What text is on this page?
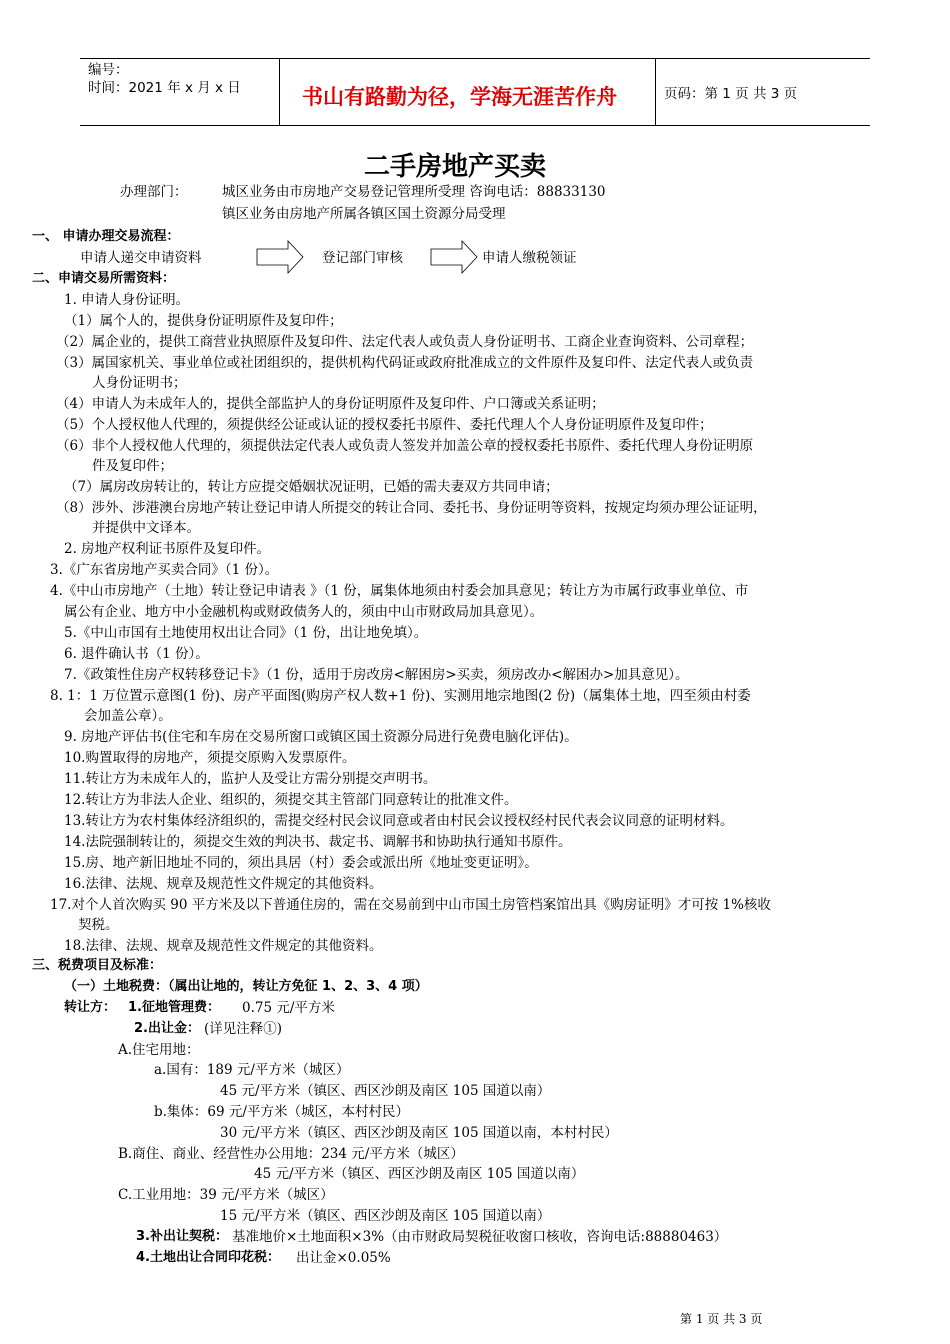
编号：
时间：2021 年 x 月 x 日	书山有路勤为径，学海无涯苦作舟	页码：第 1 页 共 3 页
二手房地产买卖
办理部门：	城区业务由市房地产交易登记管理所受理 咨询电话：88833130
镇区业务由房地产所属各镇区国土资源分局受理
一、 申请办理交易流程：
申请人递交申请资料	登记部门审核	申请人缴税领证
二、申请交易所需资料：
1. 申请人身份证明。
（1）属个人的，提供身份证明原件及复印件；
（2）属企业的，提供工商营业执照原件及复印件、法定代表人或负责人身份证明书、工商企业查询资料、公司章程；
（3）属国家机关、事业单位或社团组织的，提供机构代码证或政府批准成立的文件原件及复印件、法定代表人或负责
人身份证明书；
（4）申请人为未成年人的，提供全部监护人的身份证明原件及复印件、户口簿或关系证明；
（5）个人授权他人代理的，须提供经公证或认证的授权委托书原件、委托代理人个人身份证明原件及复印件；
（6）非个人授权他人代理的，须提供法定代表人或负责人签发并加盖公章的授权委托书原件、委托代理人身份证明原
件及复印件；
（7）属房改房转让的，转让方应提交婚姻状况证明，已婚的需夫妻双方共同申请；
（8）涉外、涉港澳台房地产转让登记申请人所提交的转让合同、委托书、身份证明等资料，按规定均须办理公证证明，
并提供中文译本。
2. 房地产权利证书原件及复印件。
3.《广东省房地产买卖合同》（1 份）。
4.《中山市房地产（土地）转让登记申请表 》（1 份，属集体地须由村委会加具意见；转让方为市属行政事业单位、市
属公有企业、地方中小金融机构或财政债务人的，须由中山市财政局加具意见）。
5.《中山市国有土地使用权出让合同》（1 份，出让地免填）。
6. 退件确认书（1 份）。
7.《政策性住房产权转移登记卡》（1 份，适用于房改房<解困房>买卖，须房改办<解困办>加具意见）。
8. 1：1 万位置示意图(1 份)、房产平面图(购房产权人数+1 份)、实测用地宗地图(2 份)（属集体土地，四至须由村委
会加盖公章）。
9. 房地产评估书(住宅和车房在交易所窗口或镇区国土资源分局进行免费电脑化评估)。
10.购置取得的房地产，须提交原购入发票原件。
11.转让方为未成年人的，监护人及受让方需分别提交声明书。
12.转让方为非法人企业、组织的，须提交其主管部门同意转让的批准文件。
13.转让方为农村集体经济组织的，需提交经村民会议同意或者由村民会议授权经村民代表会议同意的证明材料。
14.法院强制转让的，须提交生效的判决书、裁定书、调解书和协助执行通知书原件。
15.房、地产新旧地址不同的，须出具居（村）委会或派出所《地址变更证明》。
16.法律、法规、规章及规范性文件规定的其他资料。
17.对个人首次购买 90 平方米及以下普通住房的，需在交易前到中山市国土房管档案馆出具《购房证明》才可按 1%核收
契税。
18.法律、法规、规章及规范性文件规定的其他资料。
三、税费项目及标准：
（一）土地税费：（属出让地的，转让方免征 1、2、3、4 项）
转让方： 1.征地管理费： 0.75 元/平方米
2.出让金： (详见注释①)
A.住宅用地：
a.国有：189 元/平方米（城区）
45 元/平方米（镇区、西区沙朗及南区 105 国道以南）
b.集体：69 元/平方米（城区，本村村民）
30 元/平方米（镇区、西区沙朗及南区 105 国道以南，本村村民）
B.商住、商业、经营性办公用地：234 元/平方米（城区）
45 元/平方米（镇区、西区沙朗及南区 105 国道以南）
C.工业用地：39 元/平方米（城区）
15 元/平方米（镇区、西区沙朗及南区 105 国道以南）
3.补出让契税： 基准地价×土地面积×3%（由市财政局契税征收窗口核收，咨询电话:88880463）
4.土地出让合同印花税： 出让金×0.05%
第 1 页 共 3 页
